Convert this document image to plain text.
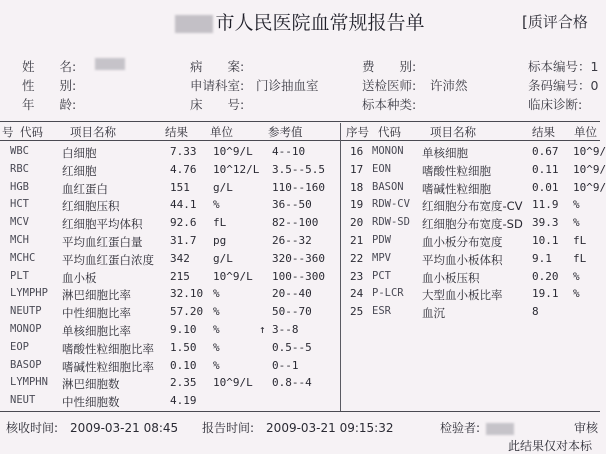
市人民医院血常规报告单	[质评合格
姓　　名:
性　　别:
年　　龄:
病　　案:
申请科室: 门诊抽血室
床　　号:
费　　别:
送检医师: 许沛然
标本种类:
标本编号：1
条码编号：0
临床诊断:
号 代码 项目名称	结果 单位	参考值	序号 代码	项目名称	结果 单位
WBC	白细胞	7.33 10^9/L 4--10
RBC	红细胞	4.76 10^12/L 3.5--5.5
HGB	血红蛋白	151 g/L	110--160
HCT	红细胞压积	44.1 %	36--50
MCV	红细胞平均体积	92.6 fL	82--100
MCH	平均血红蛋白量	31.7 pg	26--32
MCHC 平均血红蛋白浓度 342 g/L	320--360
PLT	血小板	215 10^9/L 100--300
LYMPHP 淋巴细胞比率	32.10 %	20--40
NEUTP 中性细胞比率	57.20 %	50--70
MONOP 单核细胞比率	9.10 %	↑ 3--8
EOP	嗜酸性粒细胞比率 1.50 %	0.5--5
BASOP 嗜碱性粒细胞比率 0.10 %	0--1
LYMPHN 淋巴细胞数	2.35 10^9/L 0.8--4
NEUT 中性细胞数	4.19
16 MONON 单核细胞	0.67 10^9/
17 EON	嗜酸性粒细胞	0.11 10^9/
18 BASON 嗜碱性粒细胞	0.01 10^9/
19 RDW-CV 红细胞分布宽度-CV 11.9 %
20 RDW-SD 红细胞分布宽度-SD 39.3 %
21 PDW	血小板分布宽度	10.1 fL
22 MPV	平均血小板体积	9.1 fL
23 PCT	血小板压积	0.20 %
24 P-LCR 大型血小板比率	19.1 %
25 ESR	血沉	8
核收时间: 2009-03-21 08:45 报告时间: 2009-03-21 09:15:32	检验者:	审核
此结果仅对本标
